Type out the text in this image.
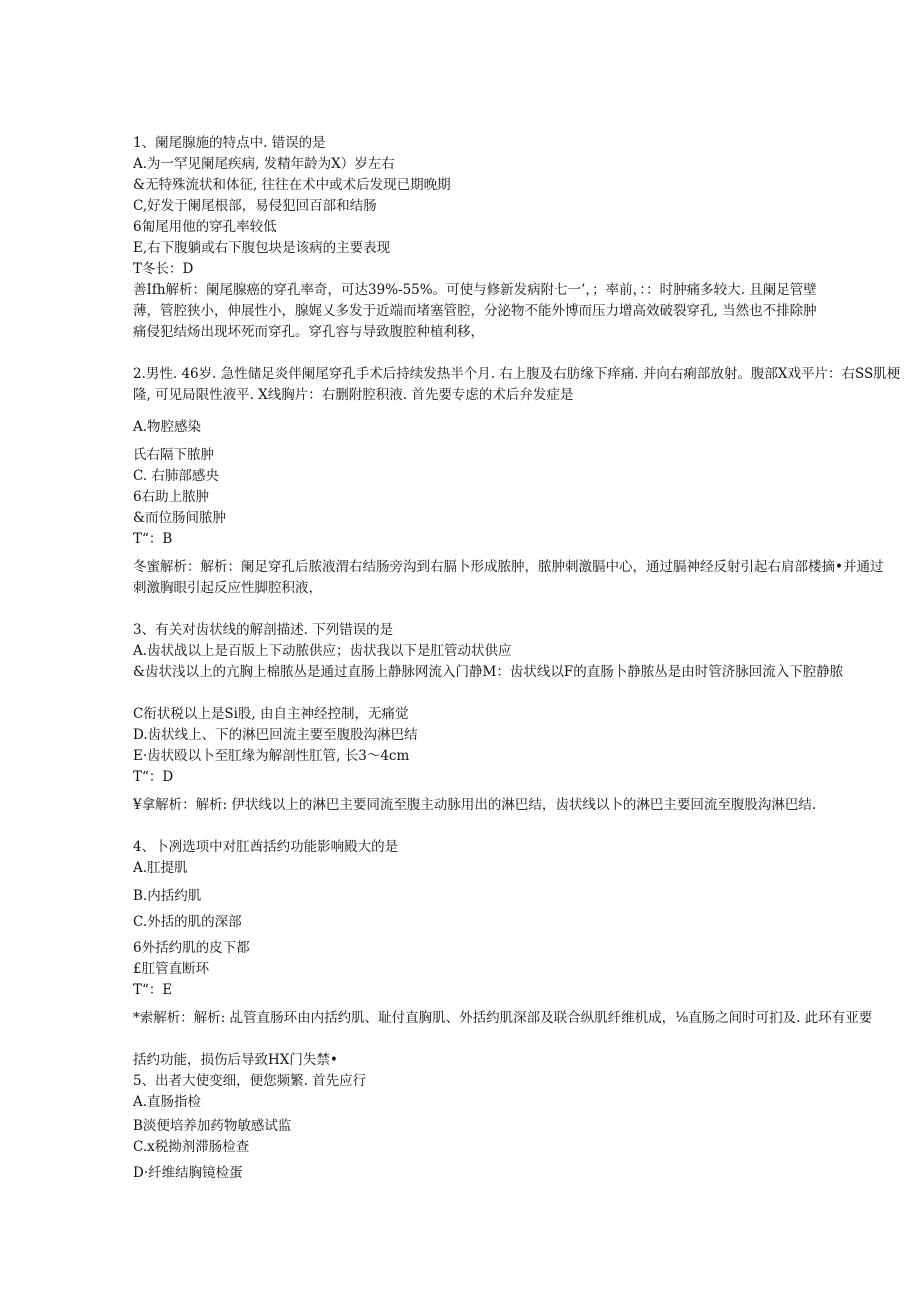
1、阑尾腺施的特点中. 错误的是
A.为一罕见阑尾疾病, 发精年龄为X）岁左右
&无特殊流状和体征, 往往在术中或术后发现已期晚期
C,好发于阑尾根部，易侵犯回百部和结肠
6匍尾用他的穿孔率较低
E,右下腹躺或右下腹包块是该病的主要表现
T冬长：D
善Ifh解析：阑尾腺癌的穿孔率奇，可达39%-55%。可使与修新发病附七一’，；率前，：：时肿痛多较大. 且阑足管壁
薄，管腔狭小，伸展性小，腺娓乂多发于近端而堵塞管腔，分泌物不能外博而压力增高效破裂穿孔, 当然也不排除肿
痛侵犯结炀出现坏死而穿孔。穿孔容与导致腹腔种植利移，
2.男性. 46岁. 急性储足炎伴阑尾穿孔手术后持续发热半个月. 右上腹及右肪缘下痒痛. 并向右痢部放射。腹部X戏平片：右SS肌梗
隆, 可见局限性液平. X线胸片：右删附腔积液. 首先要专虑的术后弁发症是
A.物腔感染
氏右隔下脓肿
C. 右肺部感央
6右助上脓肿
&而位肠间脓肿
T“：B
冬蜜解析：解析：阑足穿孔后脓液渭右结肠旁沟到右膈卜形成脓肿，脓肿刺激膈中心，通过膈神经反射引起右肩部楼摘•并通过
刺激胸眼引起反应性脚腔积液，
3、有关对齿状线的解剖描述. 下列错误的是
A.齿状战以上是百版上下动脓供应；齿状我以下是肛管动状供应
&齿状浅以上的亢胸上棉脓丛是通过直肠上静脉网流入门静M：齿状线以F的直肠卜静脓丛是由时管济脉回流入下腔静脓
C衔状税以上是Si股, 由自主神经控制，无痛觉
D.齿状线上、下的淋巴回流主要至腹股沟淋巴结
E·齿状殴以卜至肛缘为解剖性肛管, 长3〜4cm
T“：D
¥拿解析：解析: 伊状线以上的淋巴主要同流至腹主动脉用出的淋巴结，齿状线以卜的淋巴主要回流至腹股沟淋巴结.
4、卜冽选项中对肛酋括约功能影响殿大的是
A.肛提肌
B.内括约肌
C.外括的肌的深部
6外括约肌的皮下都
£肛管直断环
T“：E
*索解析：解析: 乩管直肠环由内括约肌、耻付直胸肌、外括约肌深部及联合纵肌纤维机成，⅛直肠之间时可扪及. 此环有亚要
括约功能，损伤后导致HX门失禁•
5、出者大使变细，便您频繁. 首先应行
A.直肠指检
B淡便培养加药物敏感试监
C.x税拗剂滞肠检查
D·纤维结胸镜检蛋
